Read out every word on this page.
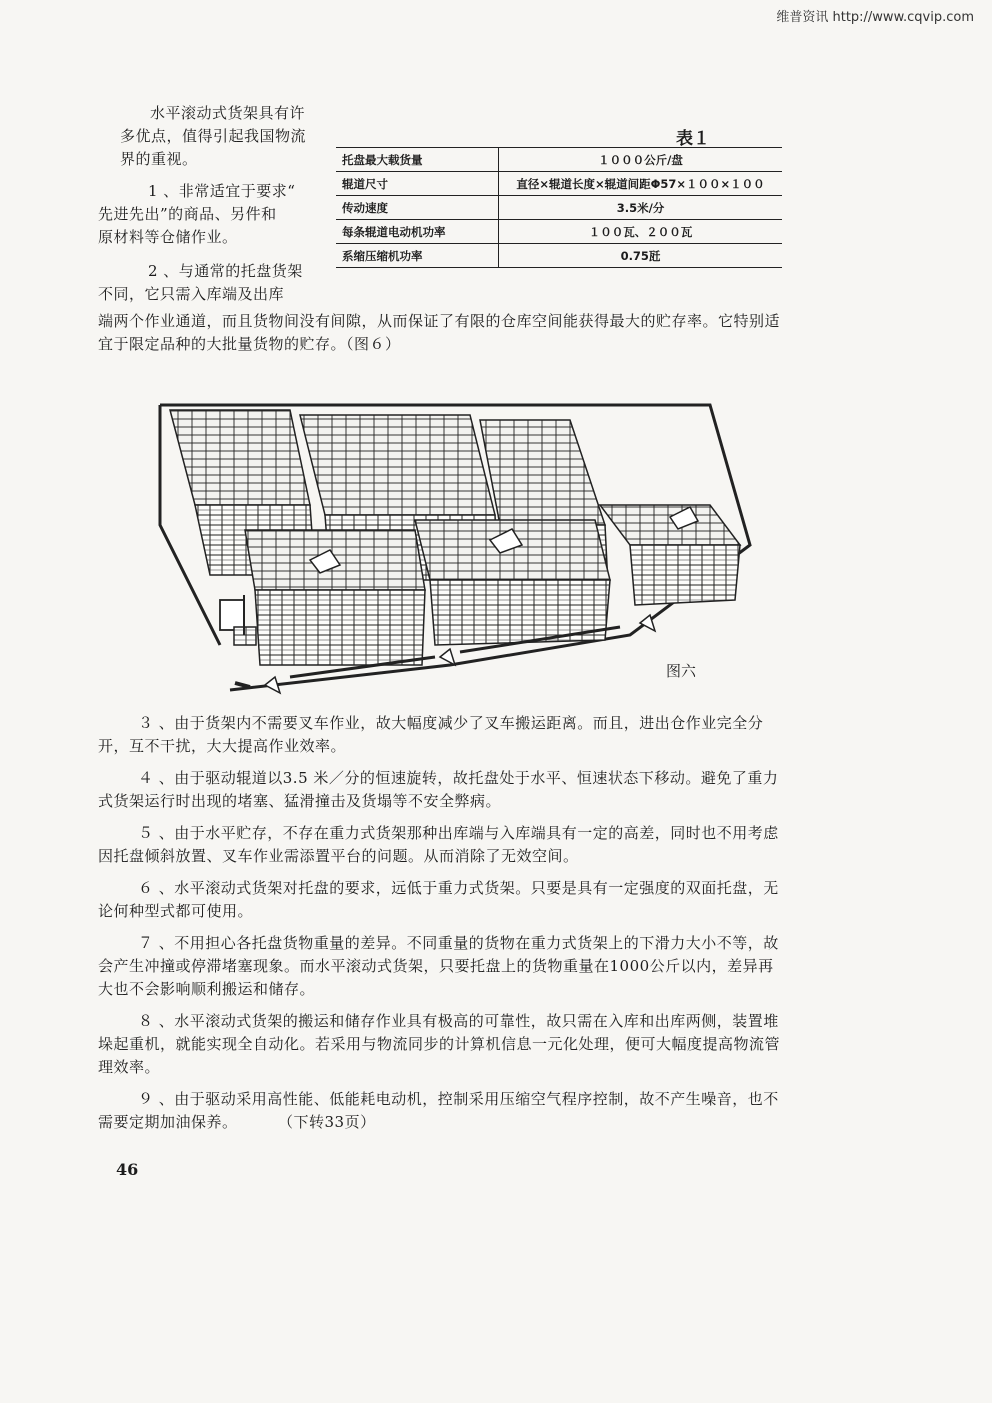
维普资讯 http://www.cqvip.com

水平滚动式货架具有许
多优点，值得引起我国物流
界的重视。

1 、非常适宜于要求“
先进先出”的商品、另件和
原材料等仓储作业。

2 、与通常的托盘货架
不同，它只需入库端及出库

端两个作业通道，而且货物间没有间隙，从而保证了有限的仓库空间能获得最大的贮存率。它特别适宜于限定品种的大批量货物的贮存。（图６）

表１
托盘最大载货量	１０００公斤/盘
辊道尺寸	直径×辊道长度×辊道间距Φ57×１００×１００
传动速度	3.5米/分
每条辊道电动机功率	１００瓦、２００瓦
系缩压缩机功率	0.75瓩
图六

３ 、由于货架内不需要叉车作业，故大幅度减少了叉车搬运距离。而且，进出仓作业完全分开，互不干扰，大大提高作业效率。

４ 、由于驱动辊道以3.5 米／分的恒速旋转，故托盘处于水平、恒速状态下移动。避免了重力式货架运行时出现的堵塞、猛滑撞击及货塌等不安全弊病。

５ 、由于水平贮存，不存在重力式货架那种出库端与入库端具有一定的高差，同时也不用考虑因托盘倾斜放置、叉车作业需添置平台的问题。从而消除了无效空间。

６ 、水平滚动式货架对托盘的要求，远低于重力式货架。只要是具有一定强度的双面托盘，无论何种型式都可使用。

７ 、不用担心各托盘货物重量的差异。不同重量的货物在重力式货架上的下滑力大小不等，故会产生冲撞或停滞堵塞现象。而水平滚动式货架，只要托盘上的货物重量在1000公斤以内，差异再大也不会影响顺利搬运和储存。

８ 、水平滚动式货架的搬运和储存作业具有极高的可靠性，故只需在入库和出库两侧，装置堆垛起重机，就能实现全自动化。若采用与物流同步的计算机信息一元化处理，便可大幅度提高物流管理效率。

９ 、由于驱动采用高性能、低能耗电动机，控制采用压缩空气程序控制，故不产生噪音，也不需要定期加油保养。	（下转33页）

46
